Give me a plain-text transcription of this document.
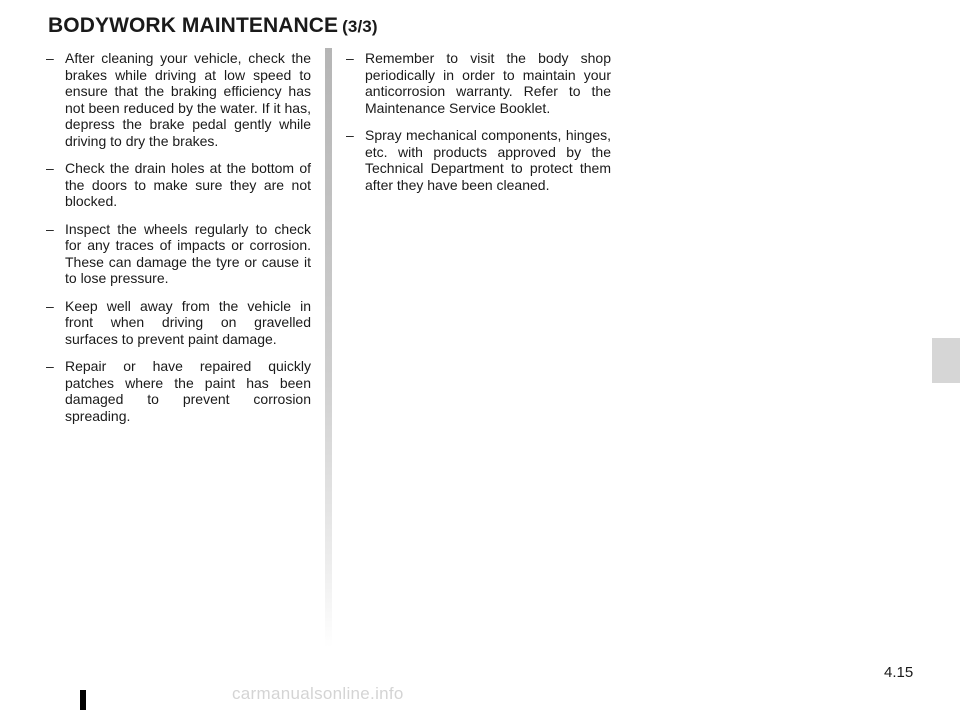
BODYWORK MAINTENANCE (3/3)
– After cleaning your vehicle, check the brakes while driving at low speed to ensure that the braking efficiency has not been reduced by the water. If it has, depress the brake pedal gently while driving to dry the brakes.
– Check the drain holes at the bottom of the doors to make sure they are not blocked.
– Inspect the wheels regularly to check for any traces of impacts or corrosion. These can damage the tyre or cause it to lose pressure.
– Keep well away from the vehicle in front when driving on gravelled surfaces to prevent paint damage.
– Repair or have repaired quickly patches where the paint has been damaged to prevent corrosion spreading.
– Remember to visit the body shop periodically in order to maintain your anticorrosion warranty. Refer to the Maintenance Service Booklet.
– Spray mechanical components, hinges, etc. with products approved by the Technical Department to protect them after they have been cleaned.
4.15
carmanualsonline.info
